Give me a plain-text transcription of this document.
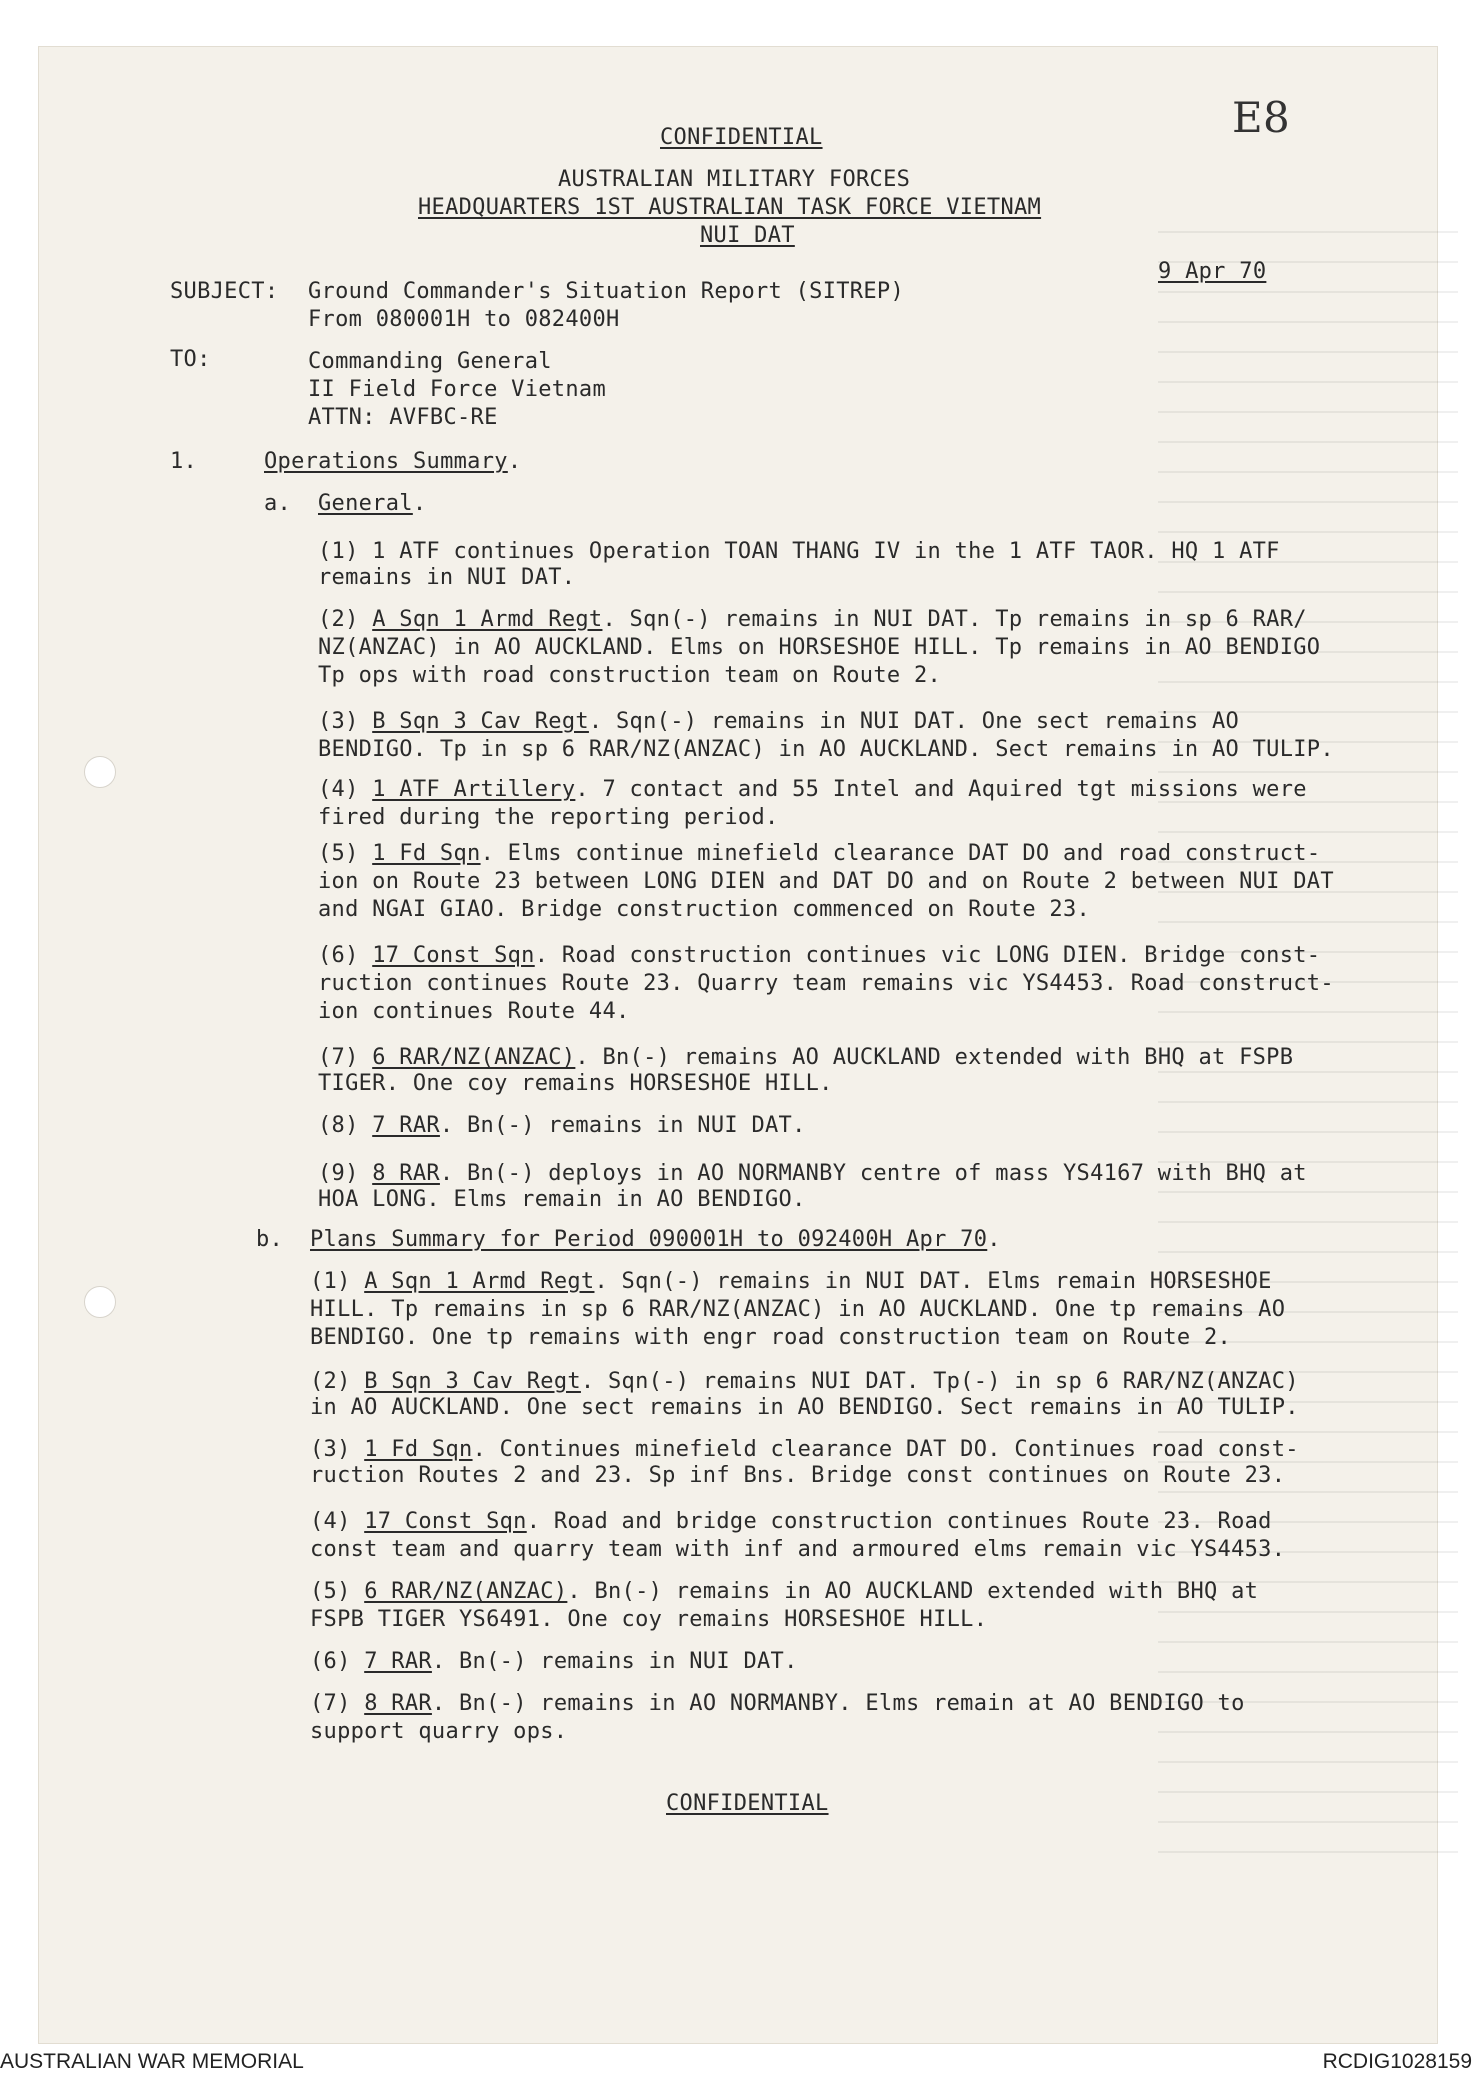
CONFIDENTIAL	E8
AUSTRALIAN MILITARY FORCES
HEADQUARTERS 1ST AUSTRALIAN TASK FORCE VIETNAM
NUI DAT
9 Apr 70
SUBJECT: Ground Commander's Situation Report (SITREP)
From 080001H to 082400H
TO:	Commanding General
II Field Force Vietnam
ATTN: AVFBC-RE
1.	Operations Summary.
a. General.
(1) 1 ATF continues Operation TOAN THANG IV in the 1 ATF TAOR. HQ 1 ATF
remains in NUI DAT.
(2) A Sqn 1 Armd Regt. Sqn(-) remains in NUI DAT. Tp remains in sp 6 RAR/
NZ(ANZAC) in AO AUCKLAND. Elms on HORSESHOE HILL. Tp remains in AO BENDIGO
Tp ops with road construction team on Route 2.
(3) B Sqn 3 Cav Regt. Sqn(-) remains in NUI DAT. One sect remains AO
BENDIGO. Tp in sp 6 RAR/NZ(ANZAC) in AO AUCKLAND. Sect remains in AO TULIP.
(4) 1 ATF Artillery. 7 contact and 55 Intel and Aquired tgt missions were
fired during the reporting period.
(5) 1 Fd Sqn. Elms continue minefield clearance DAT DO and road construct-
ion on Route 23 between LONG DIEN and DAT DO and on Route 2 between NUI DAT
and NGAI GIAO. Bridge construction commenced on Route 23.
(6) 17 Const Sqn. Road construction continues vic LONG DIEN. Bridge const-
ruction continues Route 23. Quarry team remains vic YS4453. Road construct-
ion continues Route 44.
(7) 6 RAR/NZ(ANZAC). Bn(-) remains AO AUCKLAND extended with BHQ at FSPB
TIGER. One coy remains HORSESHOE HILL.
(8) 7 RAR. Bn(-) remains in NUI DAT.
(9) 8 RAR. Bn(-) deploys in AO NORMANBY centre of mass YS4167 with BHQ at
HOA LONG. Elms remain in AO BENDIGO.
b. Plans Summary for Period 090001H to 092400H Apr 70.
(1) A Sqn 1 Armd Regt. Sqn(-) remains in NUI DAT. Elms remain HORSESHOE
HILL. Tp remains in sp 6 RAR/NZ(ANZAC) in AO AUCKLAND. One tp remains AO
BENDIGO. One tp remains with engr road construction team on Route 2.
(2) B Sqn 3 Cav Regt. Sqn(-) remains NUI DAT. Tp(-) in sp 6 RAR/NZ(ANZAC)
in AO AUCKLAND. One sect remains in AO BENDIGO. Sect remains in AO TULIP.
(3) 1 Fd Sqn. Continues minefield clearance DAT DO. Continues road const-
ruction Routes 2 and 23. Sp inf Bns. Bridge const continues on Route 23.
(4) 17 Const Sqn. Road and bridge construction continues Route 23. Road
const team and quarry team with inf and armoured elms remain vic YS4453.
(5) 6 RAR/NZ(ANZAC). Bn(-) remains in AO AUCKLAND extended with BHQ at
FSPB TIGER YS6491. One coy remains HORSESHOE HILL.
(6) 7 RAR. Bn(-) remains in NUI DAT.
(7) 8 RAR. Bn(-) remains in AO NORMANBY. Elms remain at AO BENDIGO to
support quarry ops.
CONFIDENTIAL
AUSTRALIAN WAR MEMORIAL	RCDIG1028159
